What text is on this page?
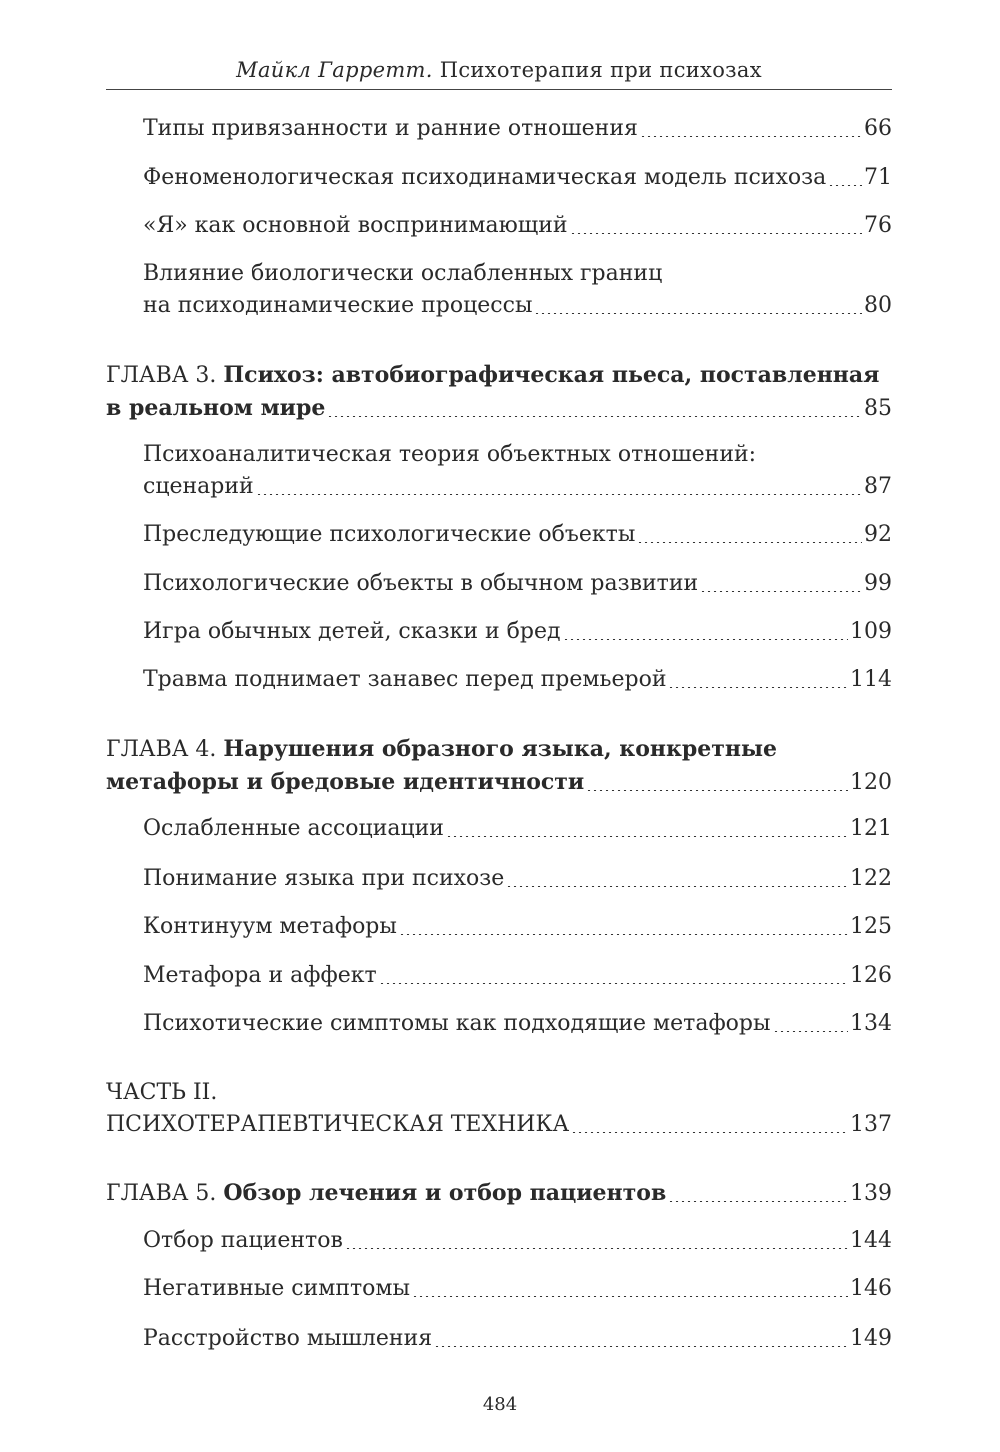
Майкл Гарретт. Психотерапия при психозах
Типы привязанности и ранние отношения	66
Феноменологическая психодинамическая модель психоза 71
«Я» как основной воспринимающий	76
Влияние биологически ослабленных границ
на психодинамические процессы	80
ГЛАВА 3. Психоз: автобиографическая пьеса, поставленная
в реальном мире	85
Психоаналитическая теория объектных отношений:
сценарий	87
Преследующие психологические объекты	92
Психологические объекты в обычном развитии	99
Игра обычных детей, сказки и бред	109
Травма поднимает занавес перед премьерой	114
ГЛАВА 4. Нарушения образного языка, конкретные
метафоры и бредовые идентичности	120
Ослабленные ассоциации	121
Понимание языка при психозе	122
Континуум метафоры	125
Метафора и аффект	126
Психотические симптомы как подходящие метафоры	134
ЧАСТЬ II.
ПСИХОТЕРАПЕВТИЧЕСКАЯ ТЕХНИКА	137
ГЛАВА 5. Обзор лечения и отбор пациентов	139
Отбор пациентов	144
Негативные симптомы	146
Расстройство мышления	149
484
